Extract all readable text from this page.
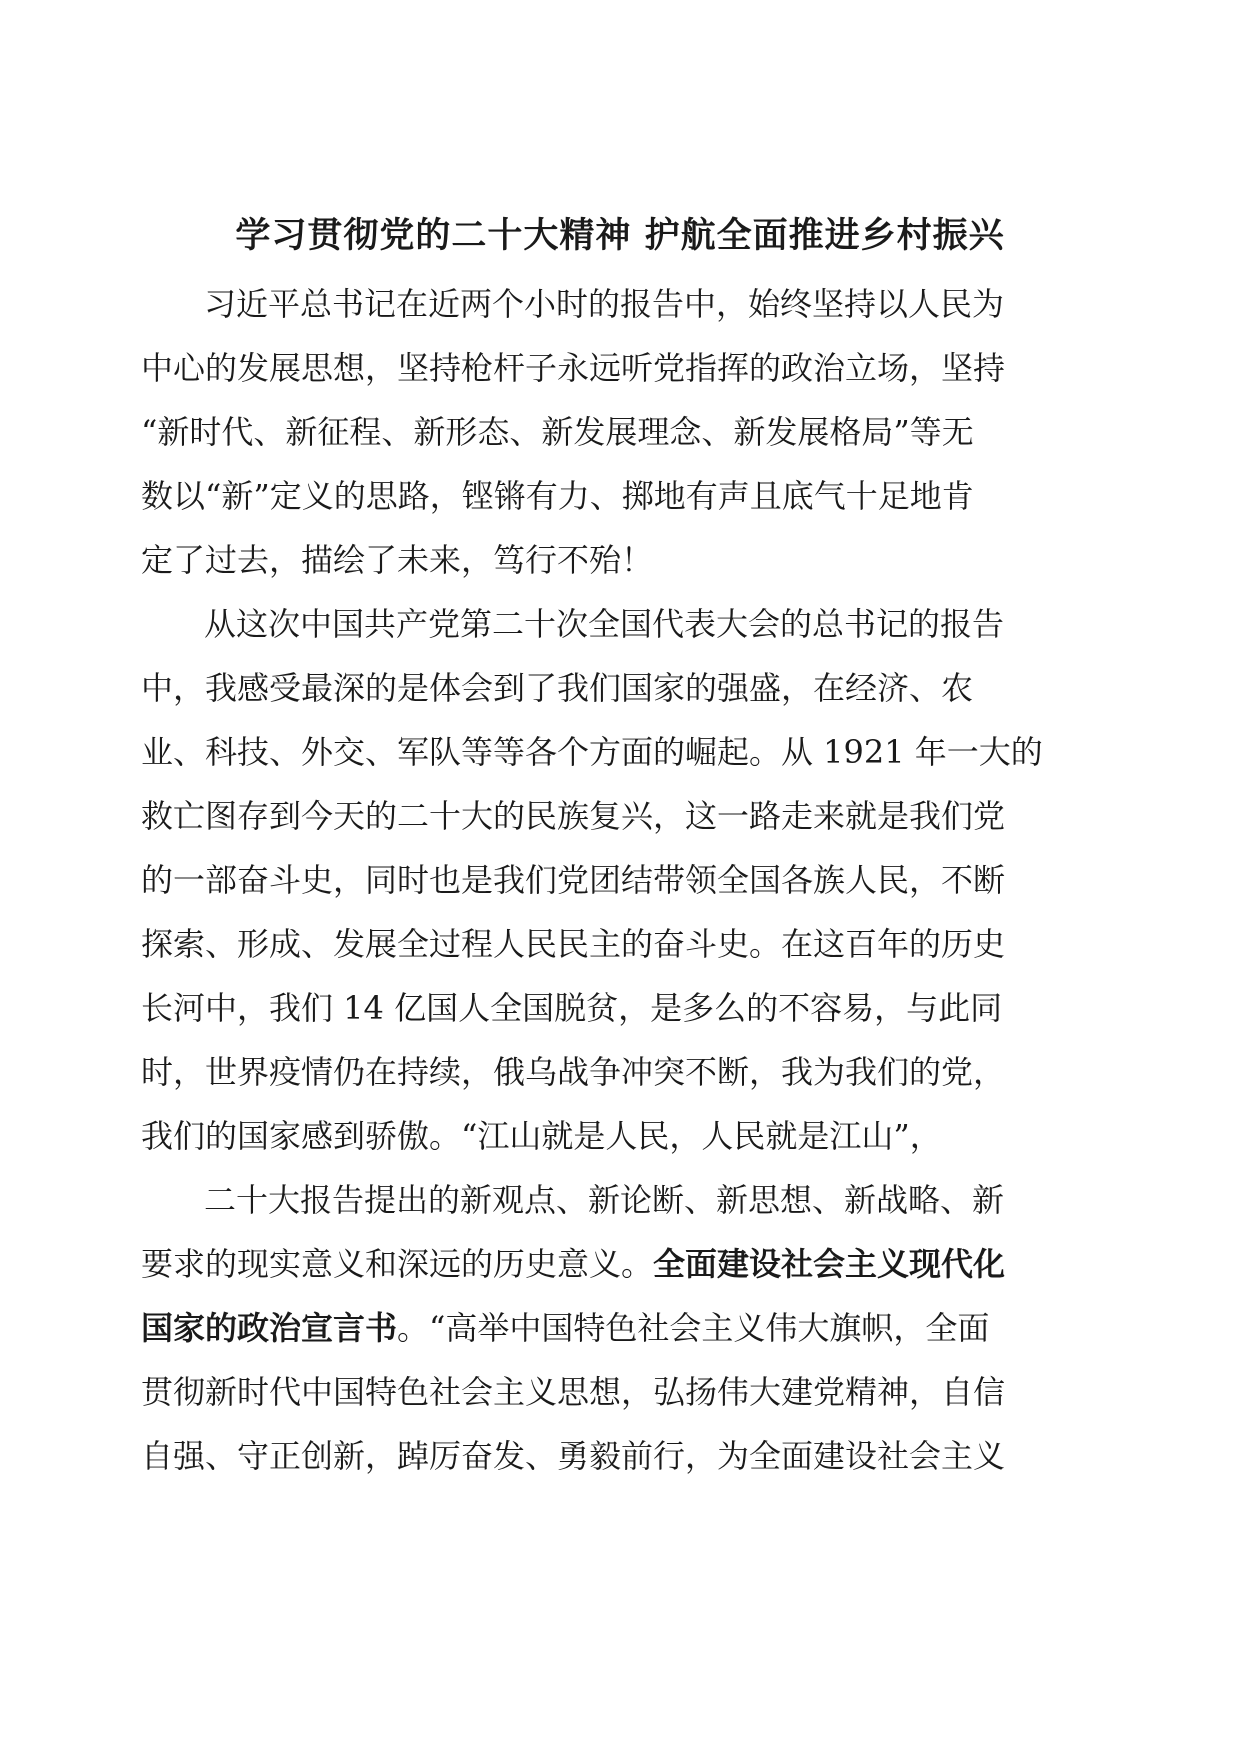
学习贯彻党的二十大精神 护航全面推进乡村振兴
习近平总书记在近两个小时的报告中，始终坚持以人民为
中心的发展思想，坚持枪杆子永远听党指挥的政治立场，坚持
“新时代、新征程、新形态、新发展理念、新发展格局”等无
数以“新”定义的思路，铿锵有力、掷地有声且底气十足地肯
定了过去，描绘了未来，笃行不殆！
从这次中国共产党第二十次全国代表大会的总书记的报告
中，我感受最深的是体会到了我们国家的强盛，在经济、农
业、科技、外交、军队等等各个方面的崛起。从 1921 年一大的
救亡图存到今天的二十大的民族复兴，这一路走来就是我们党
的一部奋斗史，同时也是我们党团结带领全国各族人民，不断
探索、形成、发展全过程人民民主的奋斗史。在这百年的历史
长河中，我们 14 亿国人全国脱贫，是多么的不容易，与此同
时，世界疫情仍在持续，俄乌战争冲突不断，我为我们的党，
我们的国家感到骄傲。“江山就是人民，人民就是江山”，
二十大报告提出的新观点、新论断、新思想、新战略、新
要求的现实意义和深远的历史意义。全面建设社会主义现代化
国家的政治宣言书。“高举中国特色社会主义伟大旗帜，全面
贯彻新时代中国特色社会主义思想，弘扬伟大建党精神，自信
自强、守正创新，踔厉奋发、勇毅前行，为全面建设社会主义
